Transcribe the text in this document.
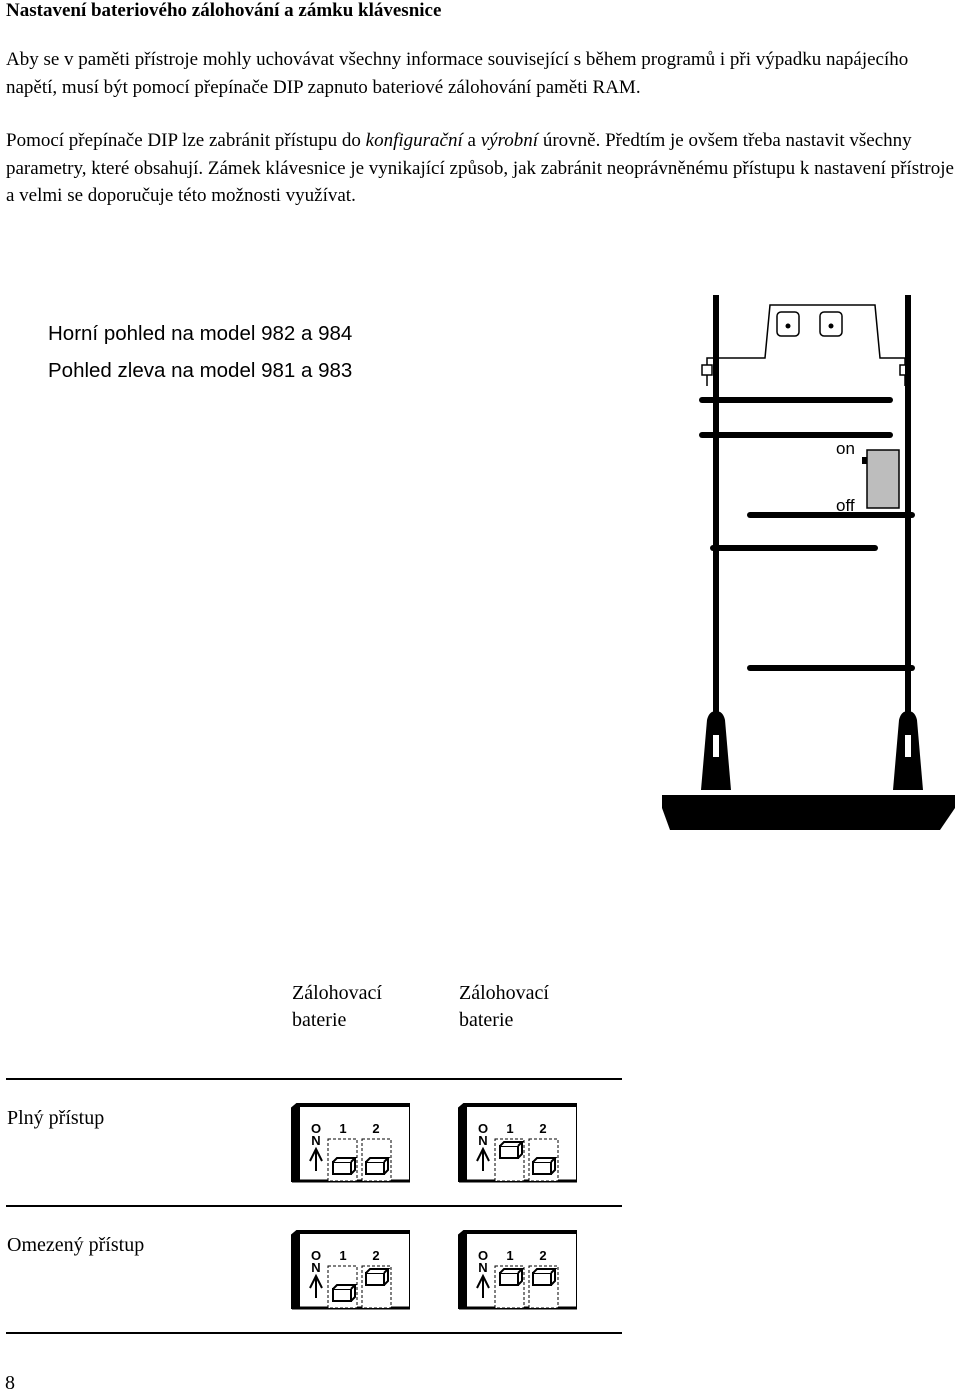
Nastavení bateriového zálohování a zámku klávesnice
Aby se v paměti přístroje mohly uchovávat všechny informace související s během programů i při výpadku napájecího napětí, musí být pomocí přepínače DIP zapnuto bateriové zálohování paměti RAM.
Pomocí přepínače DIP lze zabránit přístupu do konfigurační a výrobní úrovně. Předtím je ovšem třeba nastavit všechny parametry, které obsahují. Zámek klávesnice je vynikající způsob, jak zabránit neoprávněnému přístupu k nastavení přístroje a velmi se doporučuje této možnosti využívat.
Horní pohled na model 982 a 984
Pohled zleva na model 981 a 983
on
off
Zálohovací
baterie
Zálohovací
baterie
Plný přístup
Omezený přístup
O
N
1 2	O
N
1 2
O
N
1 2	O
N
1 2
8
